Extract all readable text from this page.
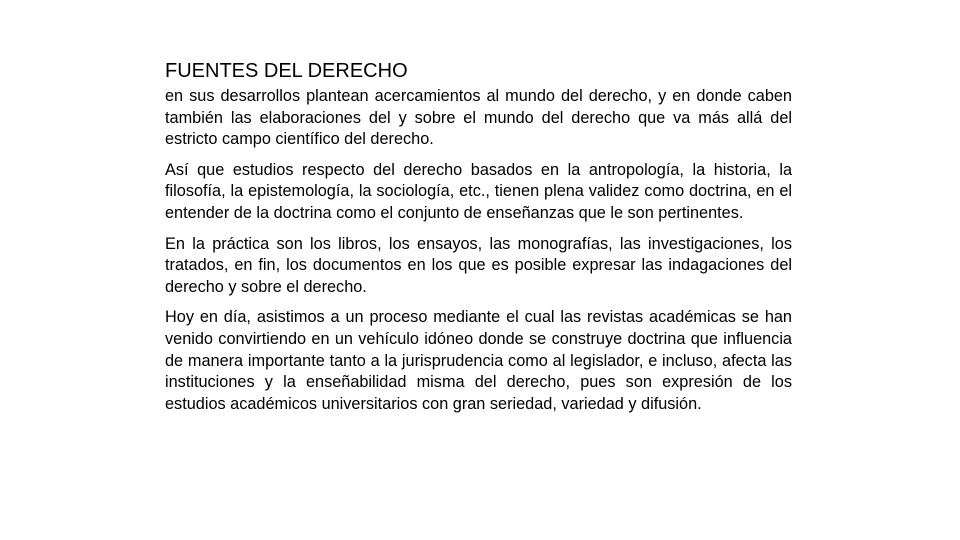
FUENTES DEL DERECHO

en sus desarrollos plantean acercamientos al mundo del derecho, y en donde caben también las elaboraciones del y sobre el mundo del derecho que va más allá del estricto campo científico del derecho.

Así que estudios respecto del derecho basados en la antropología, la historia, la filosofía, la epistemología, la sociología, etc., tienen plena validez como doctrina, en el entender de la doctrina como el conjunto de enseñanzas que le son pertinentes.

En la práctica son los libros, los ensayos, las monografías, las investigaciones, los tratados, en fin, los documentos en los que es posible expresar las indagaciones del derecho y sobre el derecho.

Hoy en día, asistimos a un proceso mediante el cual las revistas académicas se han venido convirtiendo en un vehículo idóneo donde se construye doctrina que influencia de manera importante tanto a la jurisprudencia como al legislador, e incluso, afecta las instituciones y la enseñabilidad misma del derecho, pues son expresión de los estudios académicos universitarios con gran seriedad, variedad y difusión.
